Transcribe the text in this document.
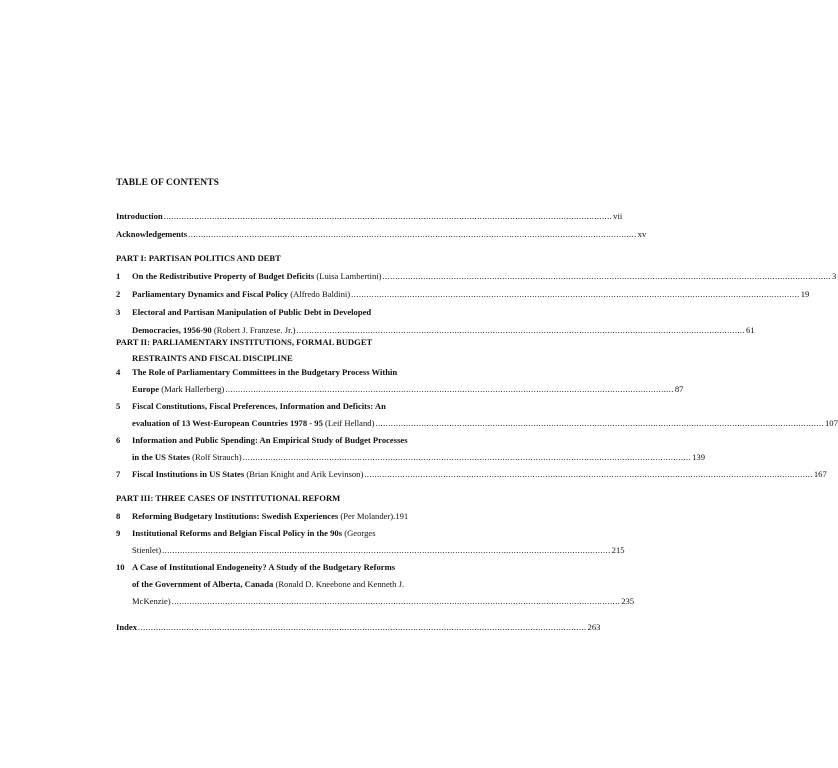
TABLE OF CONTENTS
Introduction ................................................................................................................................................................................ vii
Acknowledgements ................................................................................................................................................................................ xv
PART I: PARTISAN POLITICS AND DEBT
1	On the Redistributive Property of Budget Deficits (Luisa Lambertini) ................................................................................................................................................................................ 3
2	Parliamentary Dynamics and Fiscal Policy (Alfredo Baldini) ................................................................................................................................................................................ 19
3	Electoral and Partisan Manipulation of Public Debt in Developed
Democracies, 1956-90 (Robert J. Franzese. Jr.) ................................................................................................................................................................................ 61
PART II: PARLIAMENTARY INSTITUTIONS, FORMAL BUDGET
RESTRAINTS AND FISCAL DISCIPLINE
4	The Role of Parliamentary Committees in the Budgetary Process Within
Europe (Mark Hallerberg) ................................................................................................................................................................................ 87
5	Fiscal Constitutions, Fiscal Preferences, Information and Deficits: An
evaluation of 13 West-European Countries 1978 - 95 (Leif Helland) ................................................................................................................................................................................ 107
6	Information and Public Spending: An Empirical Study of Budget Processes
in the US States (Rolf Strauch) ................................................................................................................................................................................ 139
7	Fiscal Institutions in US States (Brian Knight and Arik Levinson) ................................................................................................................................................................................ 167
PART III: THREE CASES OF INSTITUTIONAL REFORM
8	Reforming Budgetary Institutions: Swedish Experiences (Per Molander). 191
9	Institutional Reforms and Belgian Fiscal Policy in the 90s (Georges
Stienlet) ................................................................................................................................................................................ 215
10 A Case of Institutional Endogeneity? A Study of the Budgetary Reforms
of the Government of Alberta, Canada (Ronald D. Kneebone and Kenneth J.
McKenzie) ................................................................................................................................................................................ 235
Index ................................................................................................................................................................................ 263
